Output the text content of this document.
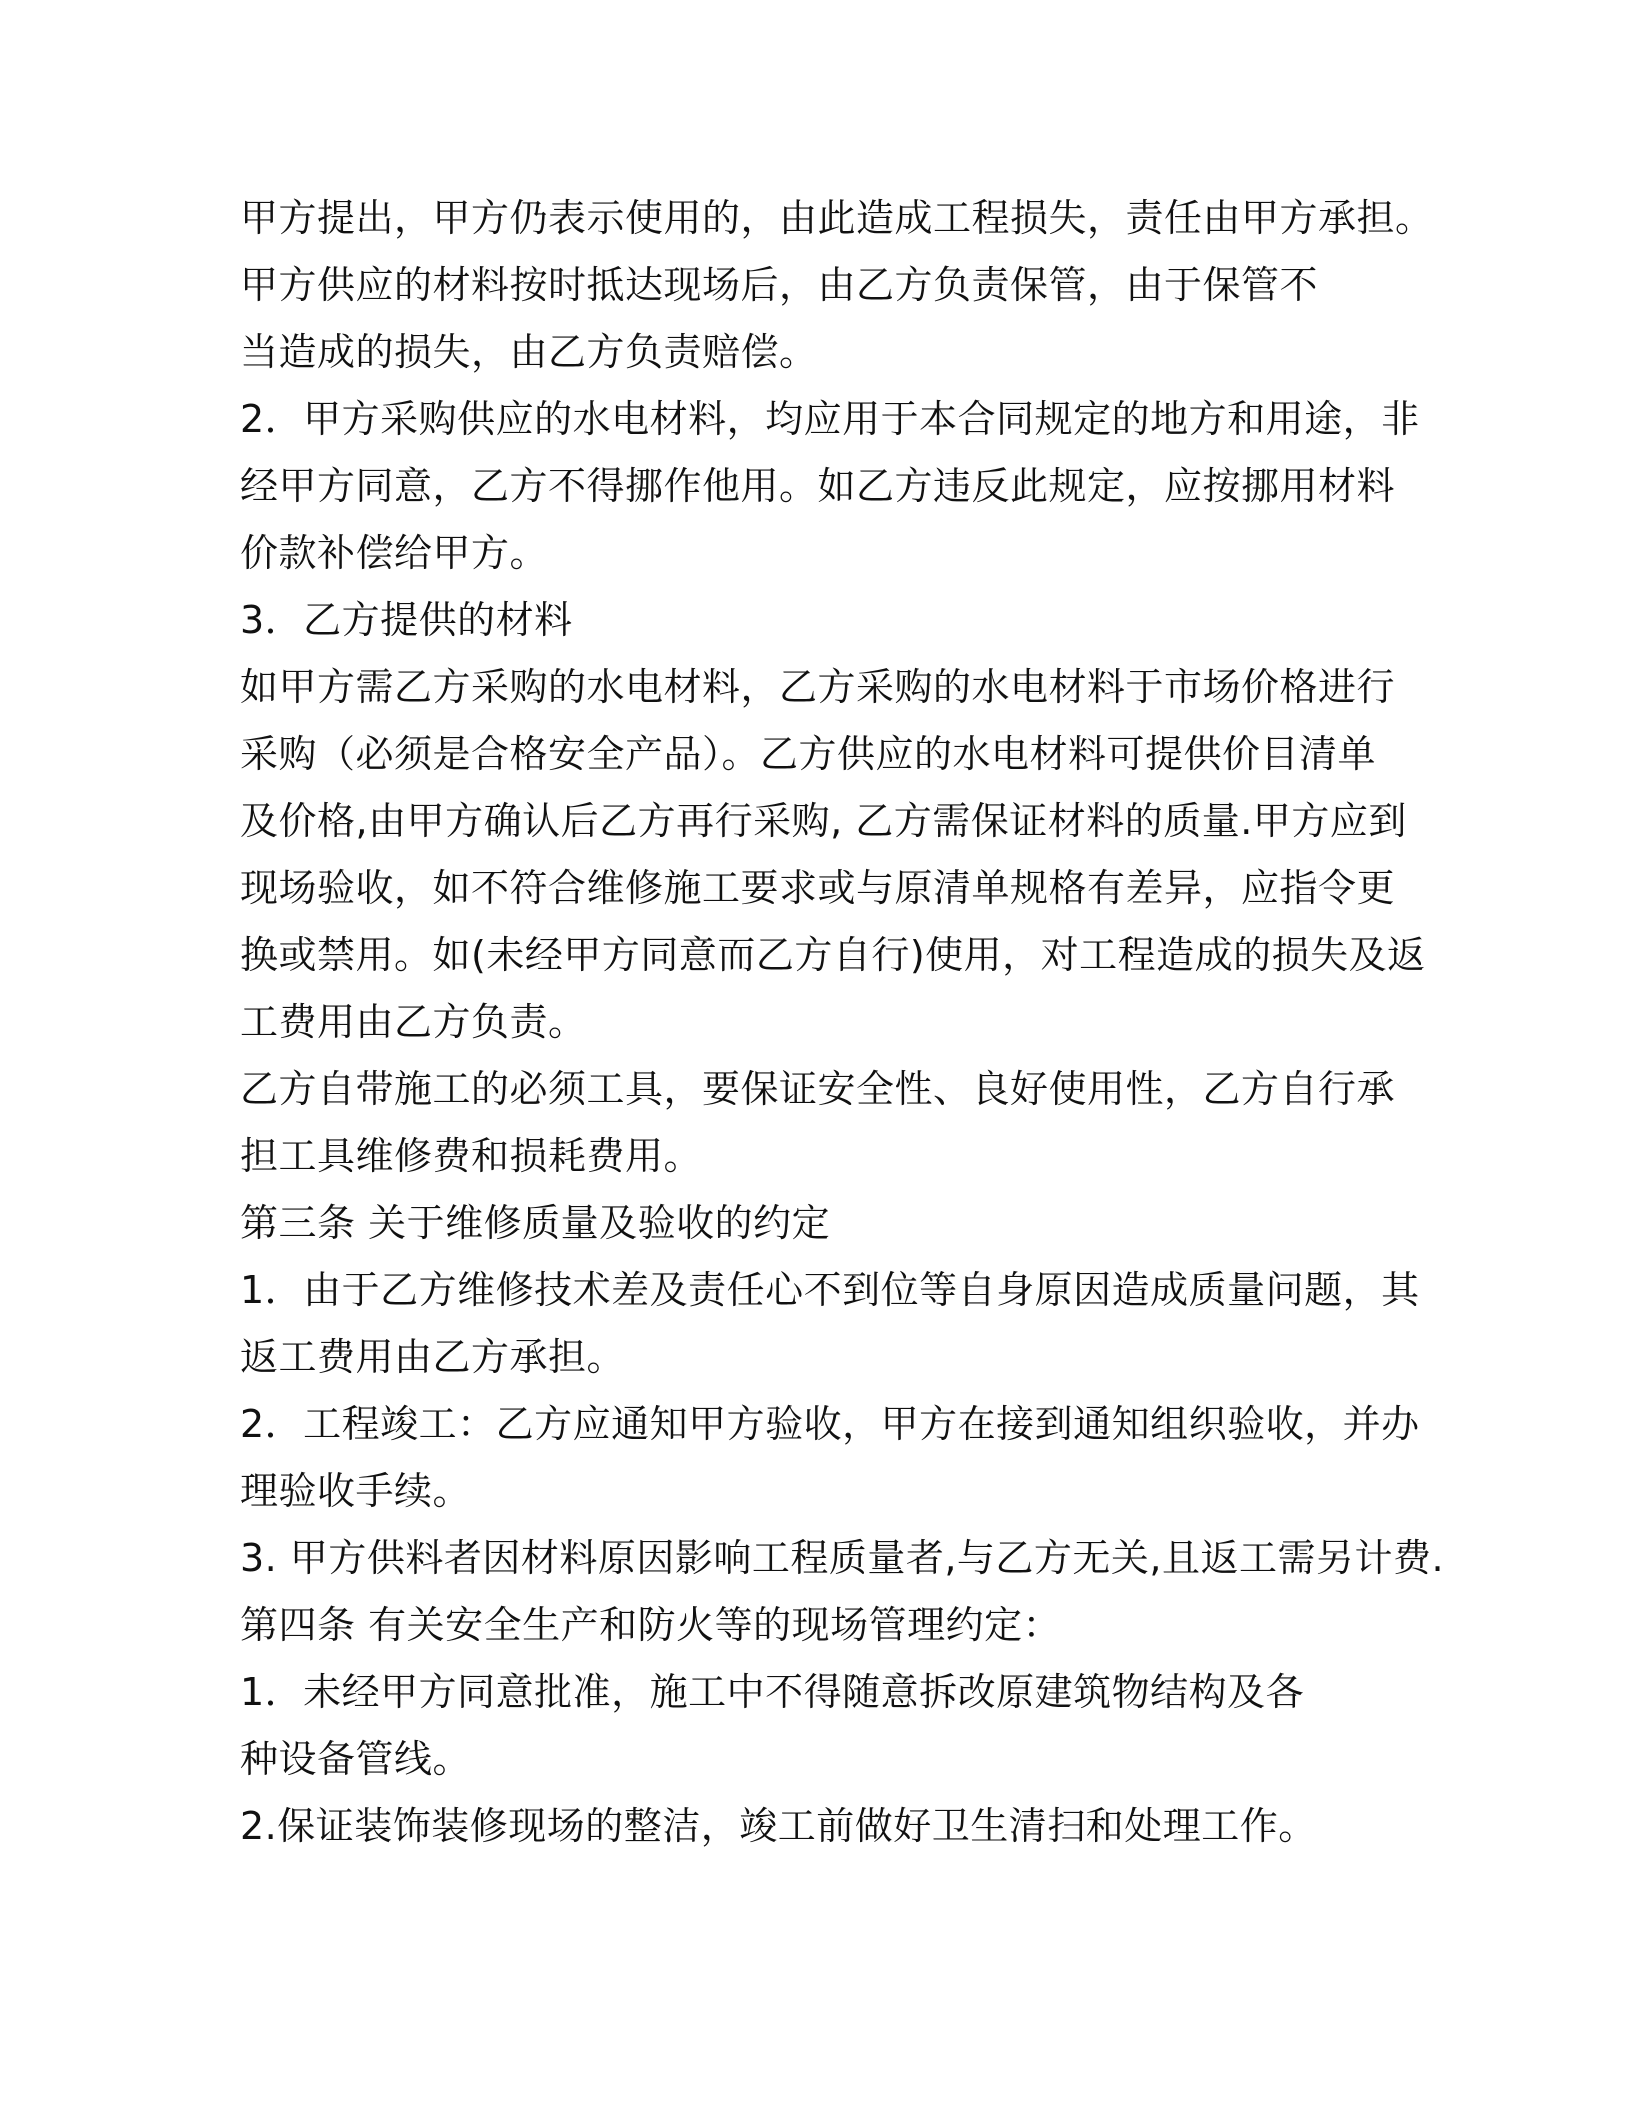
甲方提出，甲方仍表示使用的，由此造成工程损失，责任由甲方承担。
甲方供应的材料按时抵达现场后，由乙方负责保管，由于保管不
当造成的损失，由乙方负责赔偿。
2．甲方采购供应的水电材料，均应用于本合同规定的地方和用途，非
经甲方同意，乙方不得挪作他用。如乙方违反此规定，应按挪用材料
价款补偿给甲方。
3．乙方提供的材料
如甲方需乙方采购的水电材料，乙方采购的水电材料于市场价格进行
采购（必须是合格安全产品）。乙方供应的水电材料可提供价目清单
及价格,由甲方确认后乙方再行采购, 乙方需保证材料的质量.甲方应到
现场验收，如不符合维修施工要求或与原清单规格有差异，应指令更
换或禁用。如(未经甲方同意而乙方自行)使用，对工程造成的损失及返
工费用由乙方负责。
乙方自带施工的必须工具，要保证安全性、良好使用性，乙方自行承
担工具维修费和损耗费用。
第三条 关于维修质量及验收的约定
1．由于乙方维修技术差及责任心不到位等自身原因造成质量问题，其
返工费用由乙方承担。
2．工程竣工：乙方应通知甲方验收，甲方在接到通知组织验收，并办
理验收手续。
3. 甲方供料者因材料原因影响工程质量者,与乙方无关,且返工需另计费.
第四条 有关安全生产和防火等的现场管理约定：
1．未经甲方同意批准，施工中不得随意拆改原建筑物结构及各
种设备管线。
2.保证装饰装修现场的整洁，竣工前做好卫生清扫和处理工作。
